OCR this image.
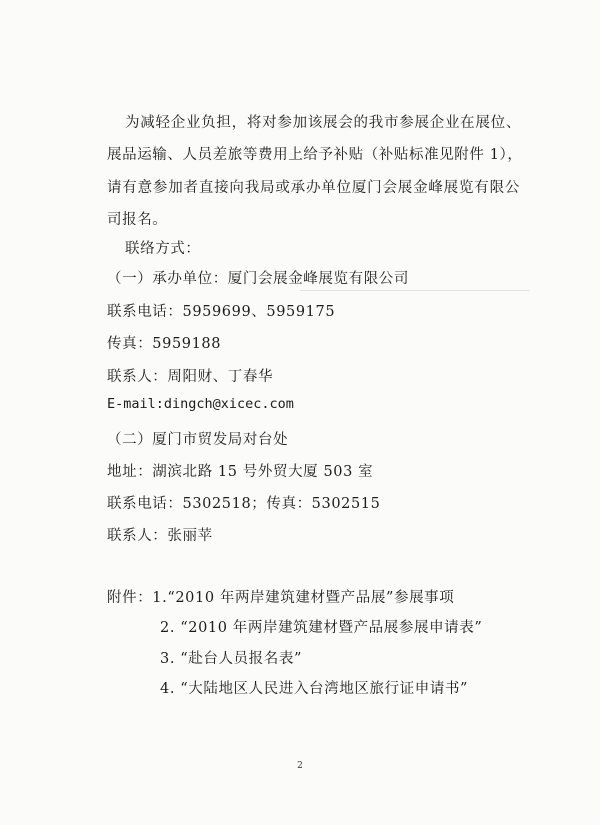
为减轻企业负担，将对参加该展会的我市参展企业在展位、
展品运输、人员差旅等费用上给予补贴（补贴标准见附件 1），
请有意参加者直接向我局或承办单位厦门会展金峰展览有限公
司报名。
联络方式：
（一）承办单位：厦门会展金峰展览有限公司
联系电话：5959699、5959175
传真：5959188
联系人：周阳财、丁春华
E-mail:dingch@xicec.com
（二）厦门市贸发局对台处
地址：湖滨北路 15 号外贸大厦 503 室
联系电话：5302518；传真：5302515
联系人：张丽苹
附件：1.“2010 年两岸建筑建材暨产品展”参展事项
2. “2010 年两岸建筑建材暨产品展参展申请表”
3. “赴台人员报名表”
4. “大陆地区人民进入台湾地区旅行证申请书”
2
